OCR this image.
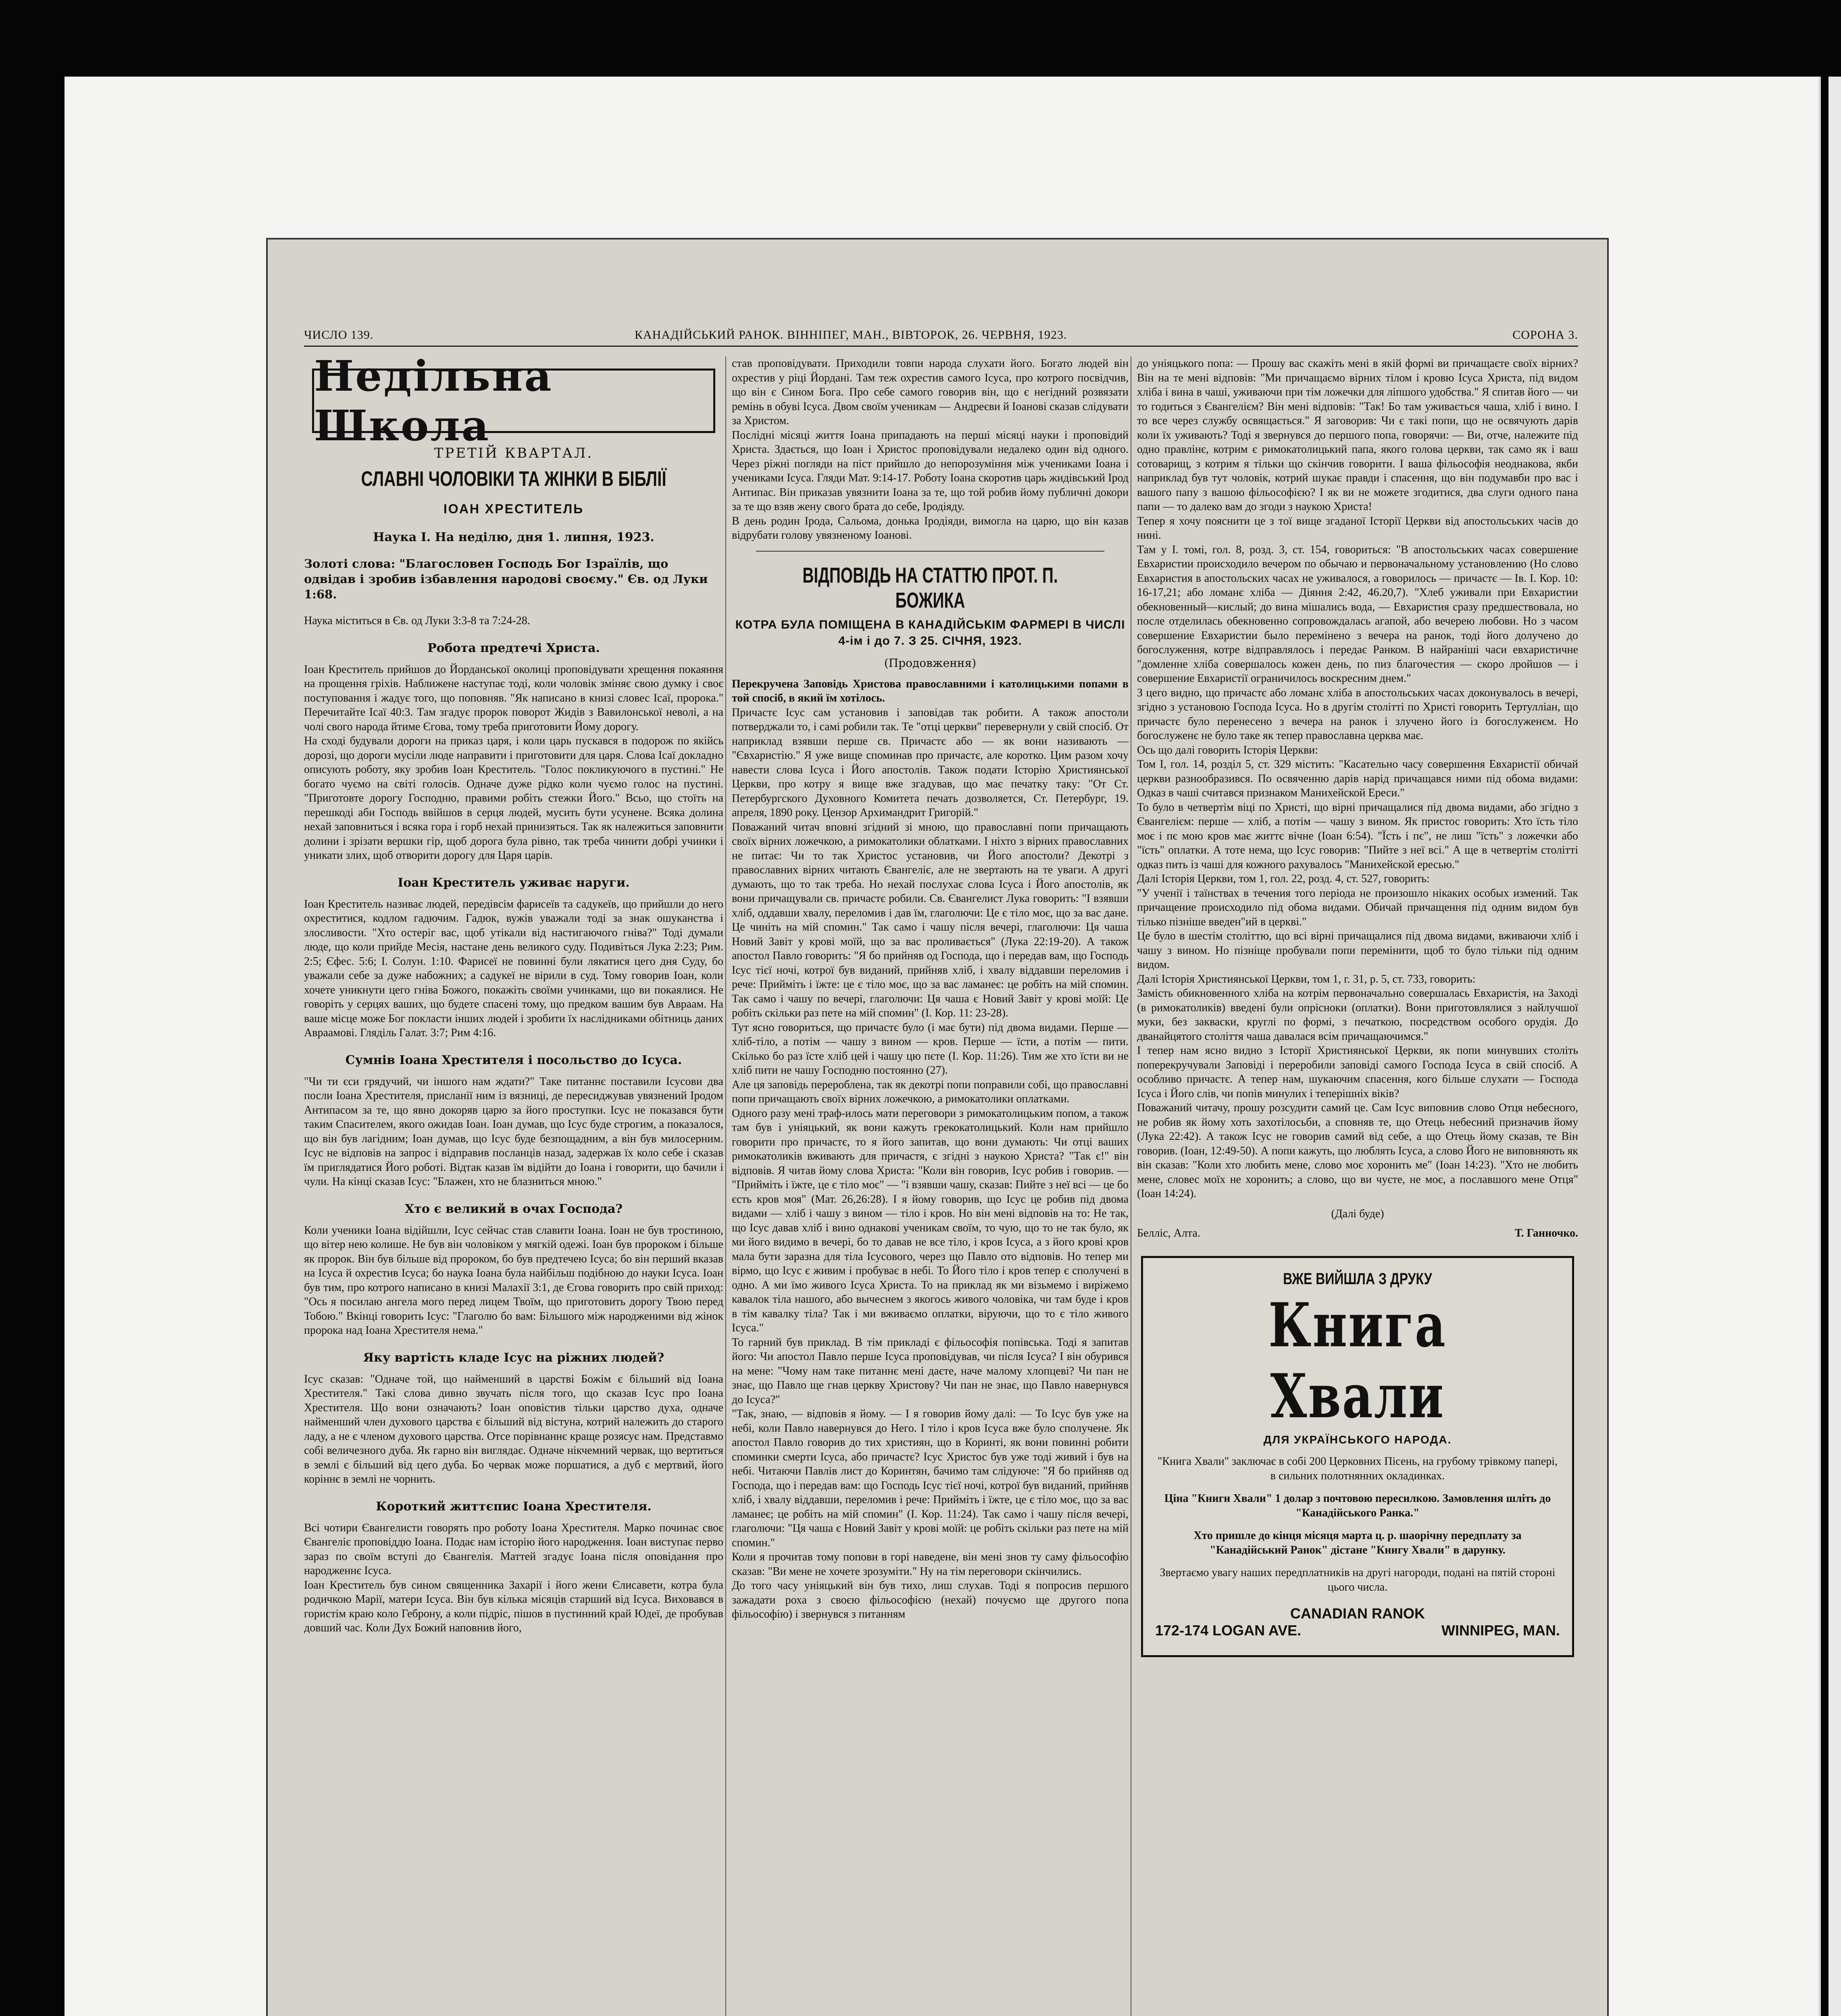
ЧИСЛО 139.	КАНАДІЙСЬКИЙ РАНОК. ВІННІПЕГ, МАН., ВІВТОРОК, 26. ЧЕРВНЯ, 1923.	СОРОНА 3.
Недільна Школа
ТРЕТІЙ КВАРТАЛ.
СЛАВНІ ЧОЛОВІКИ ТА ЖІНКИ В БІБЛІЇ
ІОАН ХРЕСТИТЕЛЬ
Наука І. На неділю, дня 1. липня, 1923.

Золоті слова: "Благословен Господь Бог Ізраїлів, що одвідав і зробив ізбавлення народові своєму." Єв. од Луки 1:68.

Наука міститься в Єв. од Луки 3:3-8 та 7:24-28.

Робота предтечі Христа.

Іоан Креститель прийшов до Йорданської околиці проповідувати хрещення покаяння на прощення гріхів. Наближене наступає тоді, коли чоловік зміняє свою думку і своє поступовання і жадує того, що поповняв. "Як написано в книзі словес Ісаї, пророка." Перечитайте Ісаї 40:3. Там згадує пророк поворот Жидів з Вавилонської неволі, а на чолі свого народа йтиме Єгова, тому треба приготовити Йому дорогу.

На сході будували дороги на приказ царя, і коли царь пускався в подорож по якійсь дорозі, що дороги мусіли люде направити і приготовити для царя. Слова Ісаї докладно описують роботу, яку зробив Іоан Креститель. "Голос покликуючого в пустині." Не богато чуємо на світі голосів. Одначе дуже рідко коли чуємо голос на пустині. "Приготовте дорогу Господню, правими робіть стежки Його." Всьо, що стоїть на перешкоді аби Господь ввійшов в серця людей, мусить бути усунене. Всяка долина нехай заповниться і всяка гора і горб нехай принизяться. Так як належиться заповнити долини і зрізати вершки гір, щоб дорога була рівно, так треба чинити добрі учинки і уникати злих, щоб отворити дорогу для Царя царів.

Іоан Креститель уживає наруги.

Іоан Креститель називає людей, передівсім фарисеїв та садукеїв, що прийшли до него охреститися, кодлом гадючим. Гадюк, вужів уважали тоді за знак ошуканства і злосливости. "Хто остеріг вас, щоб утікали від настигаючого гніва?" Тоді думали люде, що коли прийде Месія, настане день великого суду. Подивіться Лука 2:23; Рим. 2:5; Єфес. 5:6; І. Солун. 1:10. Фарисеї не повинні були лякатися цего дня Суду, бо уважали себе за дуже набожних; а садукеї не вірили в суд. Тому говорив Іоан, коли хочете уникнути цего гніва Божого, покажіть своїми учинками, що ви покаялися. Не говоріть у серцях ваших, що будете спасені тому, що предком вашим був Авраам. На ваше місце може Бог покласти інших людей і зробити їх наслідниками обітниць даних Авраамові. Гляділь Галат. 3:7; Рим 4:16.

Сумнів Іоана Хрестителя і посольство до Ісуса.

"Чи ти єси грядучий, чи іншого нам ждати?" Таке питаннє поставили Ісусови два посли Іоана Хрестителя, присланії ним із вязниці, де пересиджував увязнений Іродом Антипасом за те, що явно докоряв царю за його проступки. Ісус не показався бути таким Спасителем, якого ожидав Іоан. Іоан думав, що Ісус буде строгим, а показалося, що він був лагідним; Іоан думав, що Ісус буде безпощадним, а він був милосерним. Ісус не відповів на запрос і відправив посланців назад, задержав їх коло себе і сказав їм приглядатися Його роботі. Відтак казав їм відійти до Іоана і говорити, що бачили і чули. На кінці сказав Ісус: "Блажен, хто не блазниться мною."

Хто є великий в очах Господа?

Коли ученики Іоана відійшли, Ісус сейчас став славити Іоана. Іоан не був тростиною, що вітер нею колише. Не був він чоловіком у мягкій одежі. Іоан був пророком і більше як пророк. Він був більше від пророком, бо був предтечею Ісуса; бо він перший вказав на Ісуса й охрестив Ісуса; бо наука Іоана була найбільш подібною до науки Ісуса. Іоан був тим, про котрого написано в книзі Малахії 3:1, де Єгова говорить про свій приход: "Ось я посилаю ангела мого перед лицем Твоїм, що приготовить дорогу Твою перед Тобою." Вкінці говорить Ісус: "Глаголю бо вам: Більшого між народженими від жінок пророка над Іоана Хрестителя нема."

Яку вартість кладе Ісус на ріжних людей?

Ісус сказав: "Одначе той, що найменший в царстві Божім є більший від Іоана Хрестителя." Такі слова дивно звучать після того, що сказав Ісус про Іоана Хрестителя. Що вони означають? Іоан оповістив тільки царство духа, одначе найменший член духового царства є більший від вістуна, котрий належить до старого ладу, а не є членом духового царства. Отсе порівнаннє краще розясує нам. Представмо собі величезного дуба. Як гарно він виглядає. Одначе нікчемний червак, що вертиться в землі є більший від цего дуба. Бо червак може поршатися, а дуб є мертвий, його коріннє в землі не чорнить.

Короткий життєпис Іоана Хрестителя.

Всі чотири Євангелисти говорять про роботу Іоана Хрестителя. Марко починає своє Євангеліє проповіддю Іоана. Подає нам історію його народження. Іоан виступає перво зараз по своїм вступі до Євангелія. Маттей згадує Іоана після оповідання про народженнє Ісуса.

Іоан Креститель був сином священника Захарії і його жени Єлисавети, котра була родичкою Марії, матери Ісуса. Він був кілька місяців старший від Ісуса. Виховався в гористім краю коло Геброну, а коли підріс, пішов в пустинний край Юдеї, де пробував довший час. Коли Дух Божий наповнив його,

став проповідувати. Приходили товпи народа слухати його. Богато людей він охрестив у ріці Йордані. Там теж охрестив самого Ісуса, про котрого посвідчив, що він є Сином Бога. Про себе самого говорив він, що є негідний розвязати ремінь в обуві Ісуса. Двом своїм ученикам — Андреєви й Іоанові сказав слідувати за Христом.

Послідні місяці життя Іоана припадають на перші місяці науки і проповідий Христа. Здається, що Іоан і Христос проповідували недалеко один від одного. Через ріжні погляди на піст прийшло до непорозуміння між учениками Іоана і учениками Ісуса. Гляди Мат. 9:14-17. Роботу Іоана скоротив царь жидівський Ірод Антипас. Він приказав увязнити Іоана за те, що той робив йому публичні докори за те що взяв жену свого брата до себе, Іродіяду.

В день родин Ірода, Сальома, донька Іродіяди, вимогла на царю, що він казав відрубати голову увязненому Іоанові.

ВІДПОВІДЬ НА СТАТТЮ ПРОТ. П. БОЖИКА
КОТРА БУЛА ПОМІЩЕНА В КАНАДІЙСЬКІМ ФАРМЕРІ В ЧИСЛІ 4-ім і до 7. З 25. СІЧНЯ, 1923.
(Продовження)

Перекручена Заповідь Христова православними і католицькими попами в той спосіб, в який їм хотілось.

Причастє Ісус сам установив і заповідав так робити. А також апостоли потверджали то, і самі робили так. Те "отці церкви" перевернули у свій спосіб. От наприклад взявши перше св. Причастє або — як вони називають — "Євхаристію." Я уже вище споминав про причастє, але коротко. Цим разом хочу навести слова Ісуса і Його апостолів. Також подати Історію Християнської Церкви, про котру я вище вже згадував, що має печатку таку: "От Ст. Петербургского Духовного Комитета печать дозволяется, Ст. Петербург, 19. апреля, 1890 року. Цензор Архимандрит Григорій."

Поважаний читач вповні згідний зі мною, що православні попи причащають своїх вірних ложечкою, а римокатолики облатками. І ніхто з вірних православних не питає: Чи то так Христос установив, чи Його апостоли? Декотрі з православних вірних читають Євангеліє, але не звертають на те уваги. А другі думають, що то так треба. Но нехай послухає слова Ісуса і Його апостолів, як вони причащували св. причастє робили. Св. Євангелист Лука говорить: "І взявши хліб, оддавши хвалу, переломив і дав їм, глаголючи: Це є тіло моє, що за вас дане. Це чиніть на мій спомин." Так само і чашу після вечері, глаголючи: Ця чаша Новий Завіт у крові моїй, що за вас проливається" (Лука 22:19-20). А також апостол Павло говорить: "Я бо прийняв од Господа, що і передав вам, що Господь Ісус тієї ночі, котрої був виданий, прийняв хліб, і хвалу віддавши переломив і рече: Прийміть і їжте: це є тіло моє, що за вас ламанеє: це робіть на мій спомин. Так само і чашу по вечері, глаголючи: Ця чаша є Новий Завіт у крові моїй: Це робіть скільки раз пете на мій спомин" (І. Кор. 11: 23-28).

Тут ясно говориться, що причастє було (і має бути) під двома видами. Перше — хліб-тіло, а потім — чашу з вином — кров. Перше — їсти, а потім — пити. Скілько бо раз їсте хліб цей і чашу цю пєте (І. Кор. 11:26). Тим же хто їсти ви не хліб пити не чашу Господню постоянно (27).

Але ця заповідь перероблена, так як декотрі попи поправили собі, що православні попи причащають своїх вірних ложечкою, а римокатолики оплатками.

Одного разу мені траф-илось мати переговори з римокатолицьким попом, а також там був і уніяцький, як вони кажуть грекокатолицький. Коли нам прийшло говорити про причастє, то я його запитав, що вони думають: Чи отці ваших римокатоликів вживають для причастя, є згідні з наукою Христа? "Так є!" він відповів. Я читав йому слова Христа: "Коли він говорив, Ісус робив і говорив. — "Прийміть і їжте, це є тіло моє" — "і взявши чашу, сказав: Пийте з неї всі — це бо єсть кров моя" (Мат. 26,26:28). І я йому говорив, що Ісус це робив під двома видами — хліб і чашу з вином — тіло і кров. Но він мені відповів на то: Не так, що Ісус давав хліб і вино однакові ученикам своїм, то чую, що то не так було, як ми його видимо в вечері, бо то давав не все тіло, і кров Ісуса, а з його крові кров мала бути заразна для тіла Ісусового, через що Павло ото відповів. Но тепер ми вірмо, що Ісус є живим і пробуває в небі. То Його тіло і кров тепер є сполучені в одно. А ми їмо живого Ісуса Христа. То на приклад як ми візьмемо і виріжемо кавалок тіла нашого, або вычеснем з якогось живого чоловіка, чи там буде і кров в тім кавалку тіла? Так і ми вживаємо оплатки, віруючи, що то є тіло живого Ісуса."

То гарний був приклад. В тім прикладі є фільософія попівська. Тоді я запитав його: Чи апостол Павло перше Ісуса проповідував, чи після Ісуса? І він обурився на мене: "Чому нам таке питаннє мені даєте, наче малому хлопцеві? Чи пан не знає, що Павло ще гнав церкву Христову? Чи пан не знає, що Павло навернувся до Ісуса?"

"Так, знаю, — відповів я йому. — І я говорив йому далі: — То Ісус був уже на небі, коли Павло навернувся до Него. І тіло і кров Ісуса вже було сполучене. Як апостол Павло говорив до тих християн, що в Коринті, як вони повинні робити споминки смерти Ісуса, або причастє? Ісус Христос був уже тоді живий і був на небі. Читаючи Павлів лист до Коринтян, бачимо там слідуюче: "Я бо прийняв од Господа, що і передав вам: що Господь Ісус тієї ночі, котрої був виданий, прийняв хліб, і хвалу віддавши, переломив і рече: Прийміть і їжте, це є тіло моє, що за вас ламанеє; це робіть на мій спомин" (І. Кор. 11:24). Так само і чашу після вечері, глаголючи: "Ця чаша є Новий Завіт у крові моїй: це робіть скільки раз пете на мій спомин."

Коли я прочитав тому попови в горі наведене, він мені знов ту саму фільософію сказав: "Ви мене не хочете зрозуміти." Ну на тім переговори скінчились.

До того часу уніяцький він був тихо, лиш слухав. Тоді я попросив першого зажадати роха з своєю фільософією (нехай) почуємо ще другого попа фільософію) і звернувся з питанням

до уніяцького попа: — Прошу вас скажіть мені в якій формі ви причащаєте своїх вірних? Він на те мені відповів: "Ми причащаємо вірних тілом і кровю Ісуса Христа, під видом хліба і вина в чаші, уживаючи при тім ложечки для ліпшого удобства." Я спитав його — чи то годиться з Євангелієм? Він мені відповів: "Так! Бо там уживається чаша, хліб і вино. І то все через службу освящається." Я заговорив: Чи є такі попи, що не освячують дарів коли їх уживають? Тоді я звернувся до першого попа, говорячи: — Ви, отче, належите під одно правлінє, котрим є римокатолицький папа, якого голова церкви, так само як і ваш сотоварищ, з котрим я тільки що скінчив говорити. І ваша фільософія неоднакова, якби наприклад був тут чоловік, котрий шукає правди і спасення, що він подумавби про вас і вашого папу з вашою фільософією? І як ви не можете згодитися, два слуги одного пана папи — то далеко вам до згоди з наукою Христа!

Тепер я хочу пояснити це з тої вище згаданої Історії Церкви від апостольських часів до нині.

Там у І. томі, гол. 8, розд. 3, ст. 154, говориться: "В апостольських часах совершение Евхаристии происходило вечером по обычаю и первоначальному установлению (Но слово Евхаристия в апостольских часах не уживалося, а говорилось — причастє — Ів. І. Кор. 10: 16-17,21; або ломанє хліба — Діяння 2:42, 46.20,7). "Хлеб уживали при Евхаристии обекновенный—кислый; до вина мішались вода, — Евхаристия сразу предшествовала, но после отделилась обекновенно сопровождалась агапой, або вечерею любови. Но з часом совершение Евхаристии было перемінено з вечера на ранок, тоді його долучено до богослуження, котре відправлялось і передає Ранком. В найраніші часи евхаристичне "домленне хліба совершалось кожен день, по пиз благочестия — скоро лройшов — і совершение Евхаристії ограничилось воскресним днем."

З цего видно, що причастє або ломанє хліба в апостольських часах доконувалось в вечері, згідно з установою Господа Ісуса. Но в другім столітті по Христі говорить Тертулліан, що причастє було перенесено з вечера на ранок і злучено його із богослуженєм. Но богослуженє не було таке як тепер православна церква має.

Ось що далі говорить Історія Церкви:

Том І, гол. 14, розділ 5, ст. 329 містить: "Касательно часу совершення Евхаристії обичай церкви разнообразився. По освяченню дарів нарід причащався ними під обома видами: Одказ в чаші считався признаком Манихейской Ереси."

То було в четвертім віці по Христі, що вірні причащалися під двома видами, або згідно з Євангелієм: перше — хліб, а потім — чашу з вином. Як пристос говорить: Хто їсть тіло моє і пє мою кров має життє вічне (Іоан 6:54). "Їсть і пє", не лиш "їсть" з ложечки або "їсть" оплатки. А тоте нема, що Ісус говорив: "Пийте з неї всі." А ще в четвертім столітті одказ пить із чаші для кожного рахувалось "Манихейской ересью."

Далі Історія Церкви, том 1, гол. 22, розд. 4, ст. 527, говорить:

"У ученії і таїнствах в течения того періода не произошло нікаких особых измений. Так причащение происходило під обома видами. Обичай причащення під одним видом був тілько пізніше введен"ий в церкві."

Це було в шестім століттю, що всі вірні причащалися під двома видами, вживаючи хліб і чашу з вином. Но пізніще пробували попи перемінити, щоб то було тільки під одним видом.

Далі Історія Християнської Церкви, том 1, г. 31, р. 5, ст. 733, говорить:

Замість обикновенного хліба на котрім первоначально совершалась Евхаристія, на Заході (в римокатоликів) введені були опрісноки (оплатки). Вони приготовлялися з найлучшої муки, без закваски, круглі по формі, з печаткою, посредством особого орудія. До дванайцятого століття чаша давалася всім причащаючимся."

І тепер нам ясно видно з Історії Християнської Церкви, як попи минувших століть поперекручували Заповіді і переробили заповіді самого Господа Ісуса в свій спосіб. А особливо причастє. А тепер нам, шукаючим спасення, кого більше слухати — Господа Ісуса і Його слів, чи попів минулих і теперішніх віків?

Поважаний читачу, прошу розсудити самий це. Сам Ісус виповнив слово Отця небесного, не робив як йому хоть захотілосьби, а сповняв те, що Отець небесний призначив йому (Лука 22:42). А також Ісус не говорив самий від себе, а що Отець йому сказав, те Він говорив. (Іоан, 12:49-50). А попи кажуть, що люблять Ісуса, а слово Його не виповняють як він сказав: "Коли хто любить мене, слово моє хоронить ме" (Іоан 14:23). "Хто не любить мене, словес моїх не хоронить; а слово, що ви чуєте, не моє, а пославшого мене Отця" (Іоан 14:24).

(Далі буде)
Белліс, Алта.	Т. Ганночко.
ВЖЕ ВИЙШЛА З ДРУКУ
Книга Хвали
ДЛЯ УКРАЇНСЬКОГО НАРОДА.
"Книга Хвали" заключає в собі 200 Церковних Пісень, на грубому трівкому папері, в сильних полотнянних окладинках.
Ціна "Книги Хвали" 1 долар з почтовою пересилкою. Замовлення шліть до "Канадійського Ранка."
Хто пришле до кінця місяця марта ц. р. шаорічну передплату за "Канадійський Ранок" дістане "Книгу Хвали" в дарунку.
Звертаємо увагу наших передплатників на другі нагороди, подані на пятій стороні цього числа.
CANADIAN RANOK
172-174 LOGAN AVE.	WINNIPEG, MAN.
